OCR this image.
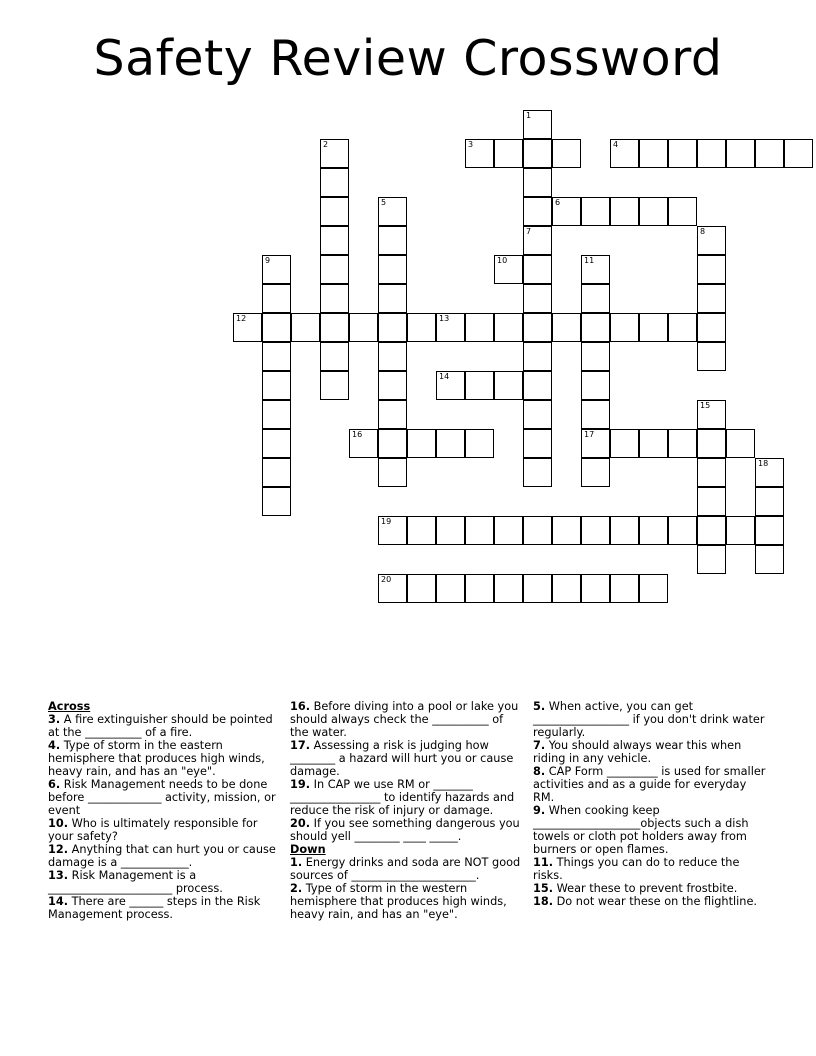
Safety Review Crossword
1
7
2	3	4
5	6
8
9	10	11
17
12	13
14
15
16
18
19
20

Across

3. A fire extinguisher should be pointed at the __________ of a fire.

4. Type of storm in the eastern hemisphere that produces high winds, heavy rain, and has an "eye".

6. Risk Management needs to be done before _____________ activity, mission, or event

10. Who is ultimately responsible for your safety?

12. Anything that can hurt you or cause damage is a ____________.

13. Risk Management is a ______________________ process.

14. There are ______ steps in the Risk Management process.

16. Before diving into a pool or lake you should always check the __________ of the water.

17. Assessing a risk is judging how ________ a hazard will hurt you or cause damage.

19. In CAP we use RM or _______ ________________ to identify hazards and reduce the risk of injury or damage.

20. If you see something dangerous you should yell ________ ____ _____.

Down

1. Energy drinks and soda are NOT good sources of ______________________.

2. Type of storm in the western hemisphere that produces high winds, heavy rain, and has an "eye".

5. When active, you can get _________________ if you don't drink water regularly.

7. You should always wear this when riding in any vehicle.

8. CAP Form _________ is used for smaller activities and as a guide for everyday RM.

9. When cooking keep ___________________objects such a dish towels or cloth pot holders away from burners or open flames.

11. Things you can do to reduce the risks.

15. Wear these to prevent frostbite.

18. Do not wear these on the flightline.
